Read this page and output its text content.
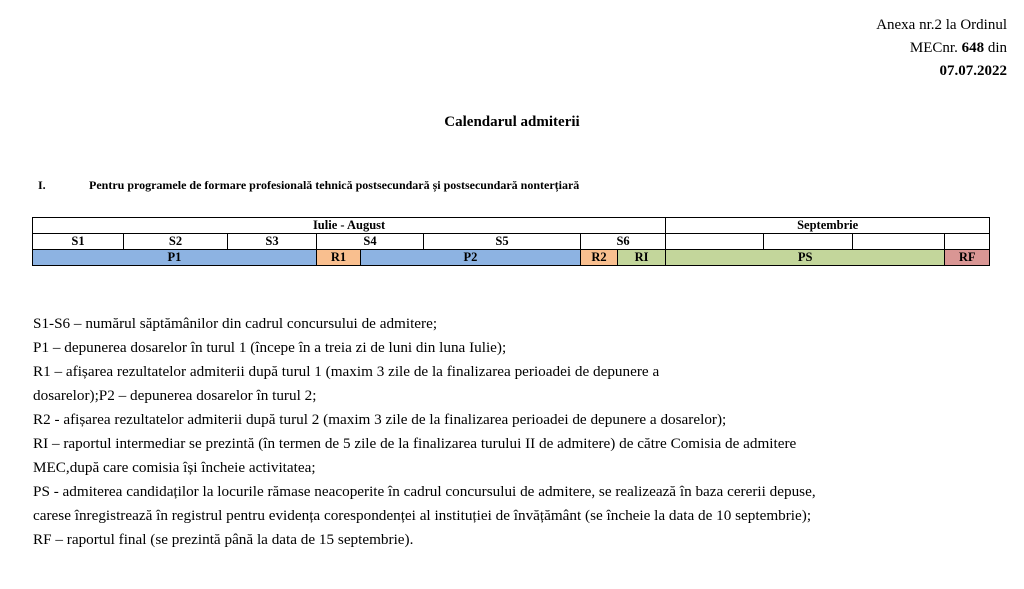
Anexa nr.2 la Ordinul
MECnr. 648 din
07.07.2022
Calendarul admiterii
I.	Pentru programele de formare profesională tehnică postsecundară și postsecundară nonterțiară
Iulie - August								Septembrie			
S1	S2	S3	S4		S5	S6					
P1			R1	P2		R2	RI	PS			RF
S1-S6 – numărul săptămânilor din cadrul concursului de admitere;
P1 – depunerea dosarelor în turul 1 (începe în a treia zi de luni din luna Iulie);
R1 – afișarea rezultatelor admiterii după turul 1 (maxim 3 zile de la finalizarea perioadei de depunere a
dosarelor);P2 – depunerea dosarelor în turul 2;
R2 - afișarea rezultatelor admiterii după turul 2 (maxim 3 zile de la finalizarea perioadei de depunere a dosarelor);
RI – raportul intermediar se prezintă (în termen de 5 zile de la finalizarea turului II de admitere) de către Comisia de admitere
MEC,după care comisia își încheie activitatea;
PS - admiterea candidaților la locurile rămase neacoperite în cadrul concursului de admitere, se realizează în baza cererii depuse,
carese înregistrează în registrul pentru evidența corespondenței al instituției de învățământ (se încheie la data de 10 septembrie);
RF – raportul final (se prezintă până la data de 15 septembrie).
